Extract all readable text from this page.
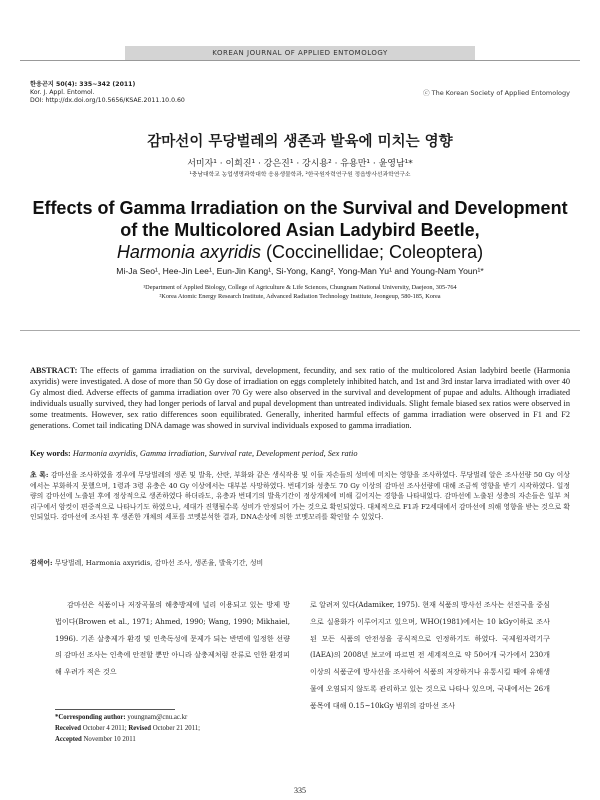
KOREAN JOURNAL OF APPLIED ENTOMOLOGY
한응곤지 50(4): 335~342 (2011)
Kor. J. Appl. Entomol.
DOI: http://dx.doi.org/10.5656/KSAE.2011.10.0.60
ⓒ The Korean Society of Applied Entomology
감마선이 무당벌레의 생존과 발육에 미치는 영향
서미자¹ · 이희진¹ · 강은진¹ · 강시용² · 유용만¹ · 윤영남¹*
¹충남대학교 농업생명과학대학 응용생물학과, ²한국원자력연구원 정읍방사선과학연구소
Effects of Gamma Irradiation on the Survival and Development
of the Multicolored Asian Ladybird Beetle,
Harmonia axyridis (Coccinellidae; Coleoptera)
Mi-Ja Seo¹, Hee-Jin Lee¹, Eun-Jin Kang¹, Si-Yong, Kang², Yong-Man Yu¹ and Young-Nam Youn¹*
¹Department of Applied Biology, College of Agriculture & Life Sciences, Chungnam National University, Daejeon, 305-764
²Korea Atomic Energy Research Institute, Advanced Radiation Technology Institute, Jeongeup, 580-185, Korea
ABSTRACT: The effects of gamma irradiation on the survival, development, fecundity, and sex ratio of the multicolored Asian ladybird beetle (Harmonia axyridis) were investigated. A dose of more than 50 Gy dose of irradiation on eggs completely inhibited hatch, and 1st and 3rd instar larva irradiated with over 40 Gy almost died. Adverse effects of gamma irradiation over 70 Gy were also observed in the survival and development of pupae and adults. Although irradiated individuals usually survived, they had longer periods of larval and pupal development than untreated individuals. Slight female biased sex ratios were observed in some treatments. However, sex ratio differences soon equilibrated. Generally, inherited harmful effects of gamma irradiation were observed in F1 and F2 generations. Comet tail indicating DNA damage was showed in survival individuals exposed to gamma irradiation.
Key words: Harmonia axyridis, Gamma irradiation, Survival rate, Development period, Sex ratio
초 록: 감마선을 조사하였을 경우에 무당벌레의 생존 및 발육, 산란, 부화와 같은 생식작용 및 이들 자손들의 성비에 미치는 영향을 조사하였다. 무당벌레 알은 조사선량 50 Gy 이상에서는 부화하지 못했으며, 1령과 3령 유충은 40 Gy 이상에서는 대부분 사망하였다. 번데기와 성충도 70 Gy 이상의 감마선 조사선량에 대해 조금씩 영향을 받기 시작하였다. 일정량의 감마선에 노출된 후에 정상적으로 생존하였다 하더라도, 유충과 번데기의 발육기간이 정상개체에 비해 길어지는 경향을 나타내었다. 감마선에 노출된 성충의 자손들은 일부 처리구에서 암컷이 편중적으로 나타나기도 하였으나, 세대가 진행될수록 성비가 안정되어 가는 것으로 확인되었다. 대체적으로 F1과 F2세대에서 감마선에 의해 영향을 받는 것으로 확인되었다. 감마선에 조사된 후 생존한 개체의 세포를 코멧분석한 결과, DNA손상에 의한 코멧꼬리를 확인할 수 있었다.
검색어: 무당벌레, Harmonia axyridis, 감마선 조사, 생존율, 발육기간, 성비
감마선은 식품이나 저장곡물의 해충방제에 널리 이용되고 있는 방제 방법이다(Browen et al., 1971; Ahmed, 1990; Wang, 1990; Mikhaiel, 1996). 기존 살충제가 환경 및 인축독성에 문제가 되는 반면에 일정한 선량의 감마선 조사는 인축에 안전할 뿐만 아니라 살충제처럼 잔류로 인한 환경피해 우려가 적은 것으
로 알려져 있다(Adamiker, 1975). 현재 식품의 방사선 조사는 선진국을 중심으로 실용화가 이루어지고 있으며, WHO(1981)에서는 10 kGy이하로 조사된 모든 식품의 안전성을 공식적으로 인정하기도 하였다. 국제원자력기구(IAEA)의 2008년 보고에 따르면 전 세계적으로 약 50여개 국가에서 230개 이상의 식품군에 방사선을 조사하여 식품의 저장하거나 유통시킬 때에 유해생물에 오염되지 않도록 관리하고 있는 것으로 나타나 있으며, 국내에서는 26개 품목에 대해 0.15~10kGy 범위의 감마선 조사
*Corresponding author: youngnam@cnu.ac.kr
Received October 4 2011; Revised October 21 2011;
Accepted November 10 2011
335
